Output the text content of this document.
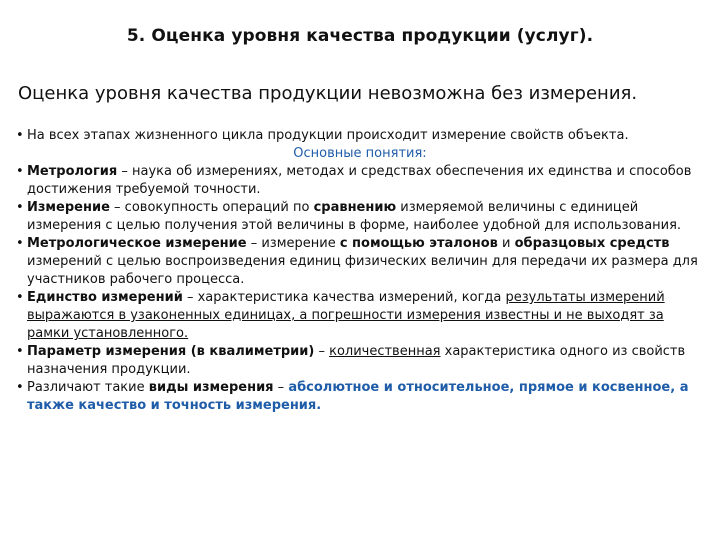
5. Оценка уровня качества продукции (услуг).
Оценка уровня качества продукции невозможна без измерения.

• На всех этапах жизненного цикла продукции происходит измерение свойств объекта.

Основные понятия:

• Метрология – наука об измерениях, методах и средствах обеспечения их единства и способов достижения требуемой точности.

• Измерение – совокупность операций по сравнению измеряемой величины с единицей измерения с целью получения этой величины в форме, наиболее удобной для использования.

• Метрологическое измерение – измерение с помощью эталонов и образцовых средств измерений с целью воспроизведения единиц физических величин для передачи их размера для участников рабочего процесса.

• Единство измерений – характеристика качества измерений, когда результаты измерений выражаются в узаконенных единицах, а погрешности измерения известны и не выходят за рамки установленного.

• Параметр измерения (в квалиметрии) – количественная характеристика одного из свойств назначения продукции.

• Различают такие виды измерения – абсолютное и относительное, прямое и косвенное, а также качество и точность измерения.
